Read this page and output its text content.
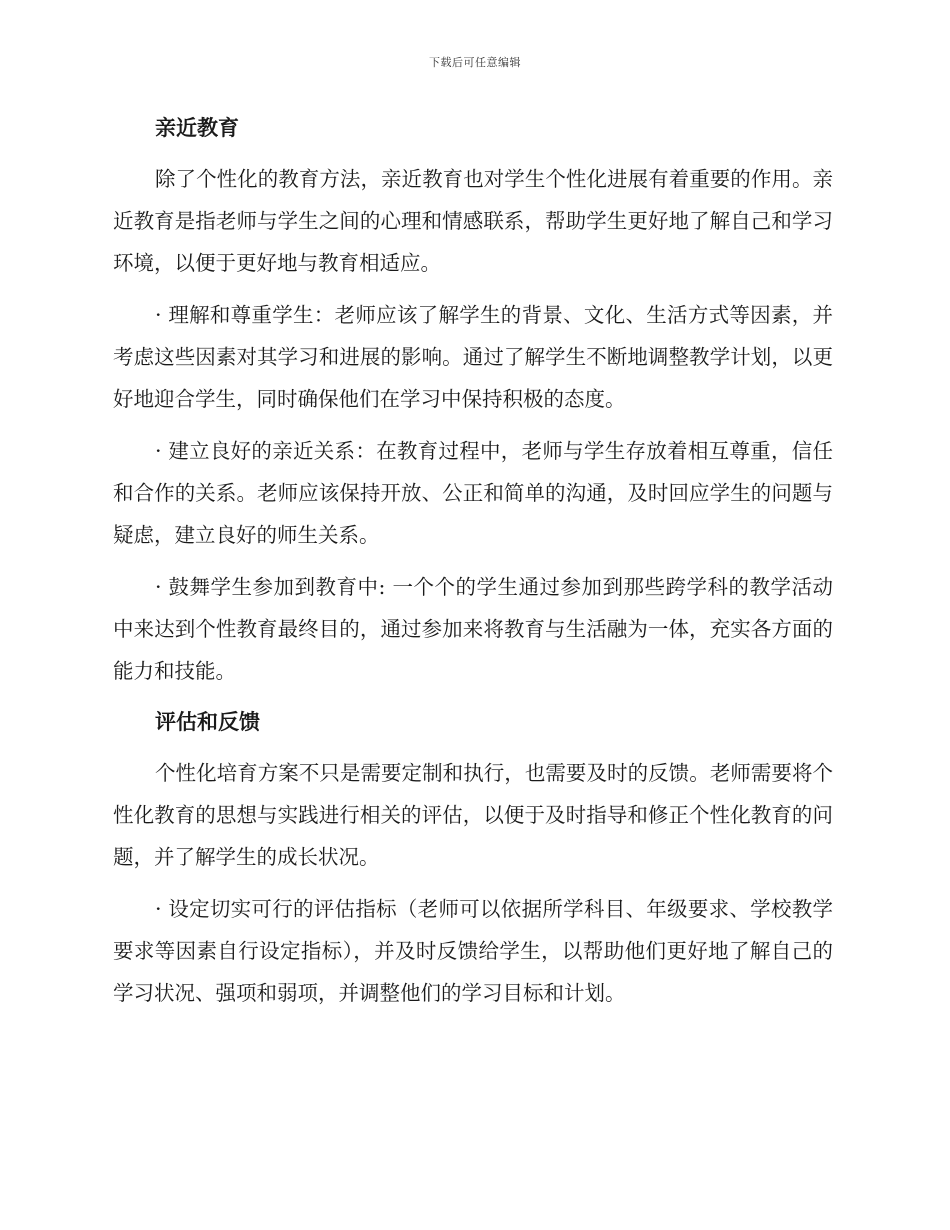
下载后可任意编辑
亲近教育

除了个性化的教育方法，亲近教育也对学生个性化进展有着重要的作用。亲近教育是指老师与学生之间的心理和情感联系，帮助学生更好地了解自己和学习环境，以便于更好地与教育相适应。

· 理解和尊重学生：老师应该了解学生的背景、文化、生活方式等因素，并考虑这些因素对其学习和进展的影响。通过了解学生不断地调整教学计划，以更好地迎合学生，同时确保他们在学习中保持积极的态度。

· 建立良好的亲近关系：在教育过程中，老师与学生存放着相互尊重，信任和合作的关系。老师应该保持开放、公正和简单的沟通，及时回应学生的问题与疑虑，建立良好的师生关系。

· 鼓舞学生参加到教育中: 一个个的学生通过参加到那些跨学科的教学活动中来达到个性教育最终目的，通过参加来将教育与生活融为一体，充实各方面的能力和技能。

评估和反馈

个性化培育方案不只是需要定制和执行，也需要及时的反馈。老师需要将个性化教育的思想与实践进行相关的评估，以便于及时指导和修正个性化教育的问题，并了解学生的成长状况。

· 设定切实可行的评估指标（老师可以依据所学科目、年级要求、学校教学要求等因素自行设定指标），并及时反馈给学生，以帮助他们更好地了解自己的学习状况、强项和弱项，并调整他们的学习目标和计划。
